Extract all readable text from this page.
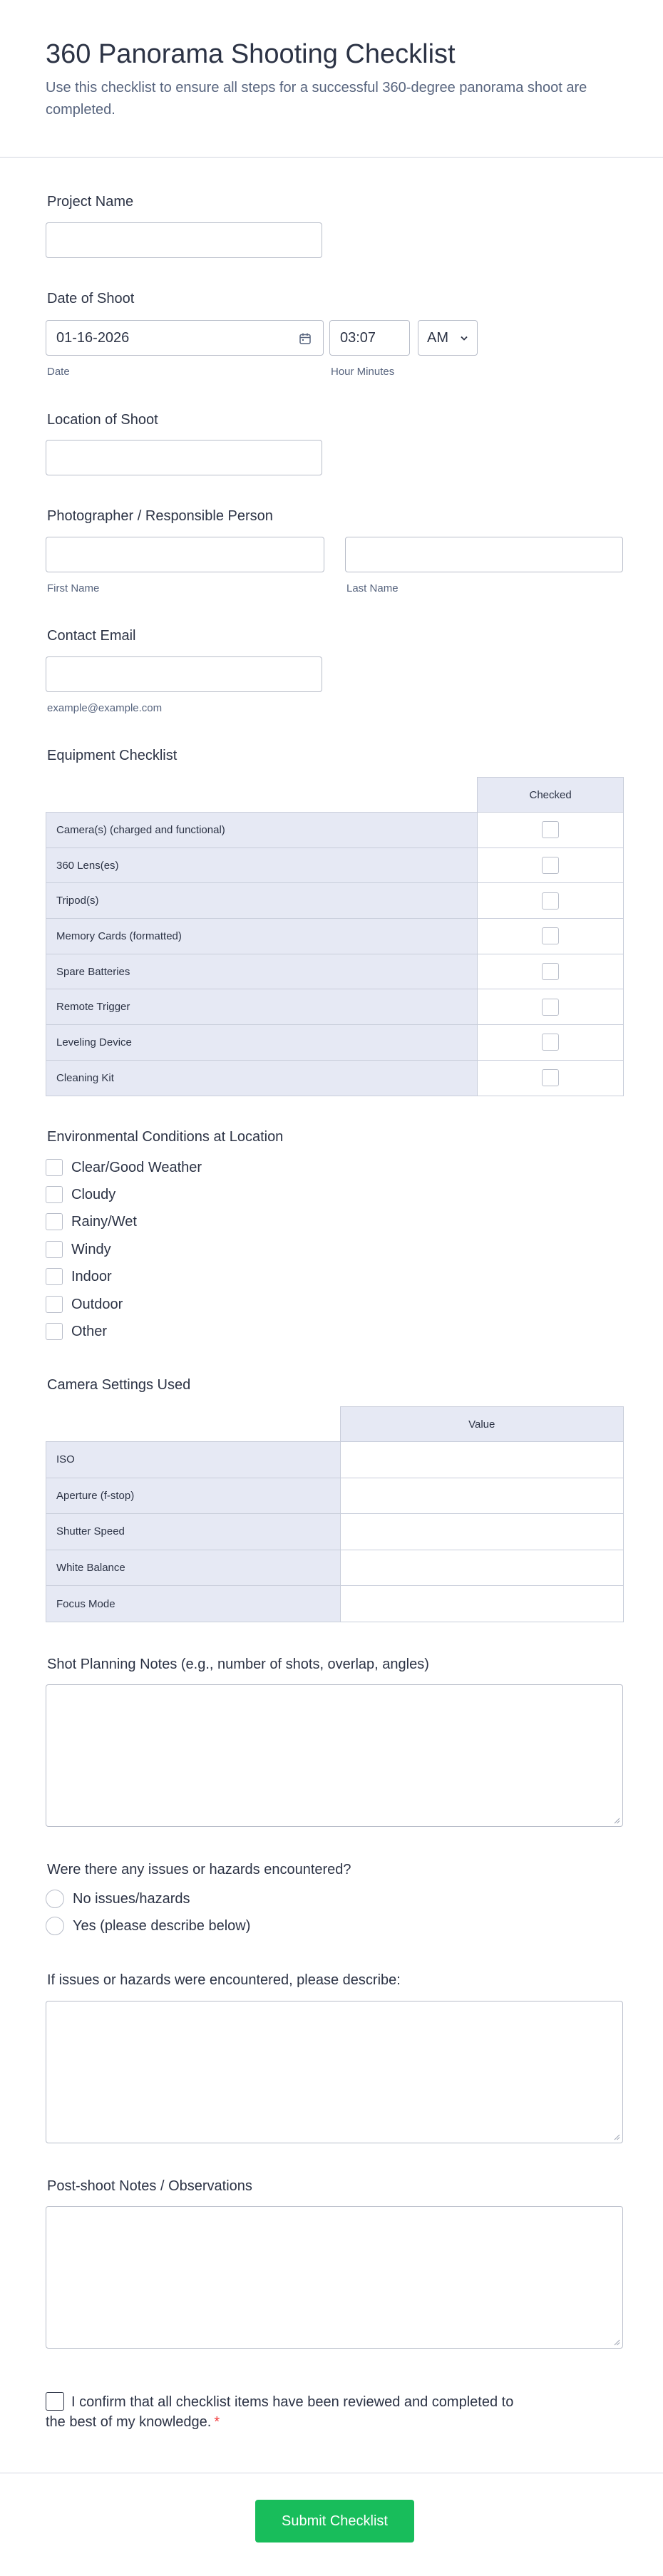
360 Panorama Shooting Checklist

Use this checklist to ensure all steps for a successful 360-degree panorama shoot are completed.

Project Name
Date of Shoot
01-16-2026
Date
03:07
Hour Minutes
AM
Location of Shoot
Photographer / Responsible Person
First Name	Last Name
Contact Email
example@example.com
Equipment Checklist
	Checked
Camera(s) (charged and functional)	
360 Lens(es)	
Tripod(s)	
Memory Cards (formatted)	
Spare Batteries	
Remote Trigger	
Leveling Device	
Cleaning Kit	
Environmental Conditions at Location
Clear/Good Weather
Cloudy
Rainy/Wet
Windy
Indoor
Outdoor
Other
Camera Settings Used
	Value
ISO	
Aperture (f-stop)	
Shutter Speed	
White Balance	
Focus Mode	
Shot Planning Notes (e.g., number of shots, overlap, angles)
Were there any issues or hazards encountered?
No issues/hazards
Yes (please describe below)
If issues or hazards were encountered, please describe:
Post-shoot Notes / Observations
I confirm that all checklist items have been reviewed and completed to
the best of my knowledge. *
Submit Checklist
